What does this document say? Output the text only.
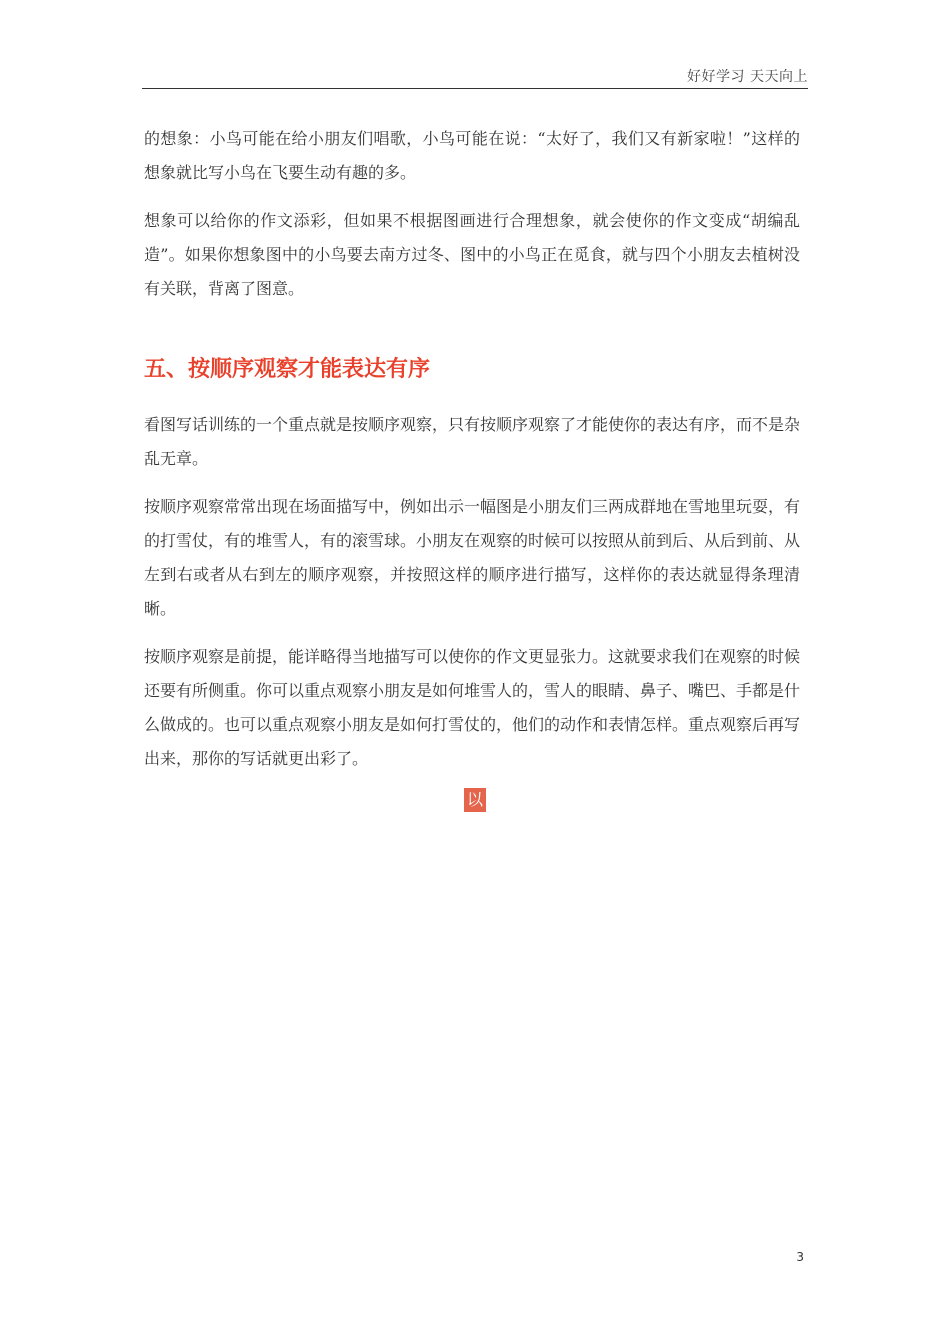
好好学习 天天向上

的想象：小鸟可能在给小朋友们唱歌，小鸟可能在说：“太好了，我们又有新家啦！”这样的想象就比写小鸟在飞要生动有趣的多。

想象可以给你的作文添彩，但如果不根据图画进行合理想象，就会使你的作文变成“胡编乱造”。如果你想象图中的小鸟要去南方过冬、图中的小鸟正在觅食，就与四个小朋友去植树没有关联，背离了图意。

五、按顺序观察才能表达有序

看图写话训练的一个重点就是按顺序观察，只有按顺序观察了才能使你的表达有序，而不是杂乱无章。

按顺序观察常常出现在场面描写中，例如出示一幅图是小朋友们三两成群地在雪地里玩耍，有的打雪仗，有的堆雪人，有的滚雪球。小朋友在观察的时候可以按照从前到后、从后到前、从左到右或者从右到左的顺序观察，并按照这样的顺序进行描写，这样你的表达就显得条理清晰。

按顺序观察是前提，能详略得当地描写可以使你的作文更显张力。这就要求我们在观察的时候还要有所侧重。你可以重点观察小朋友是如何堆雪人的，雪人的眼睛、鼻子、嘴巴、手都是什么做成的。也可以重点观察小朋友是如何打雪仗的，他们的动作和表情怎样。重点观察后再写出来，那你的写话就更出彩了。

以
3
